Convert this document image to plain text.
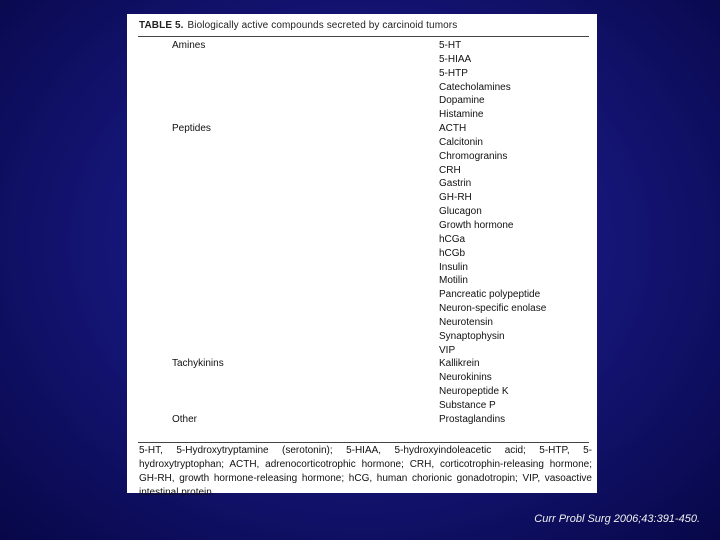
TABLE 5. Biologically active compounds secreted by carcinoid tumors
Amines	5-HT
5-HIAA
5-HTP
Catecholamines
Dopamine
Histamine
Peptides	ACTH
Calcitonin
Chromogranins
CRH
Gastrin
GH-RH
Glucagon
Growth hormone
hCGa
hCGb
Insulin
Motilin
Pancreatic polypeptide
Neuron-specific enolase
Neurotensin
Synaptophysin
VIP
Tachykinins	Kallikrein
Neurokinins
Neuropeptide K
Substance P
Other	Prostaglandins
5-HT, 5-Hydroxytryptamine (serotonin); 5-HIAA, 5-hydroxyindoleacetic acid; 5-HTP, 5-hydroxytryptophan; ACTH, adrenocorticotrophic hormone; CRH, corticotrophin-releasing hormone; GH-RH, growth hormone-releasing hormone; hCG, human chorionic gonadotropin; VIP, vasoactive intestinal protein.
Curr Probl Surg 2006;43:391-450.
